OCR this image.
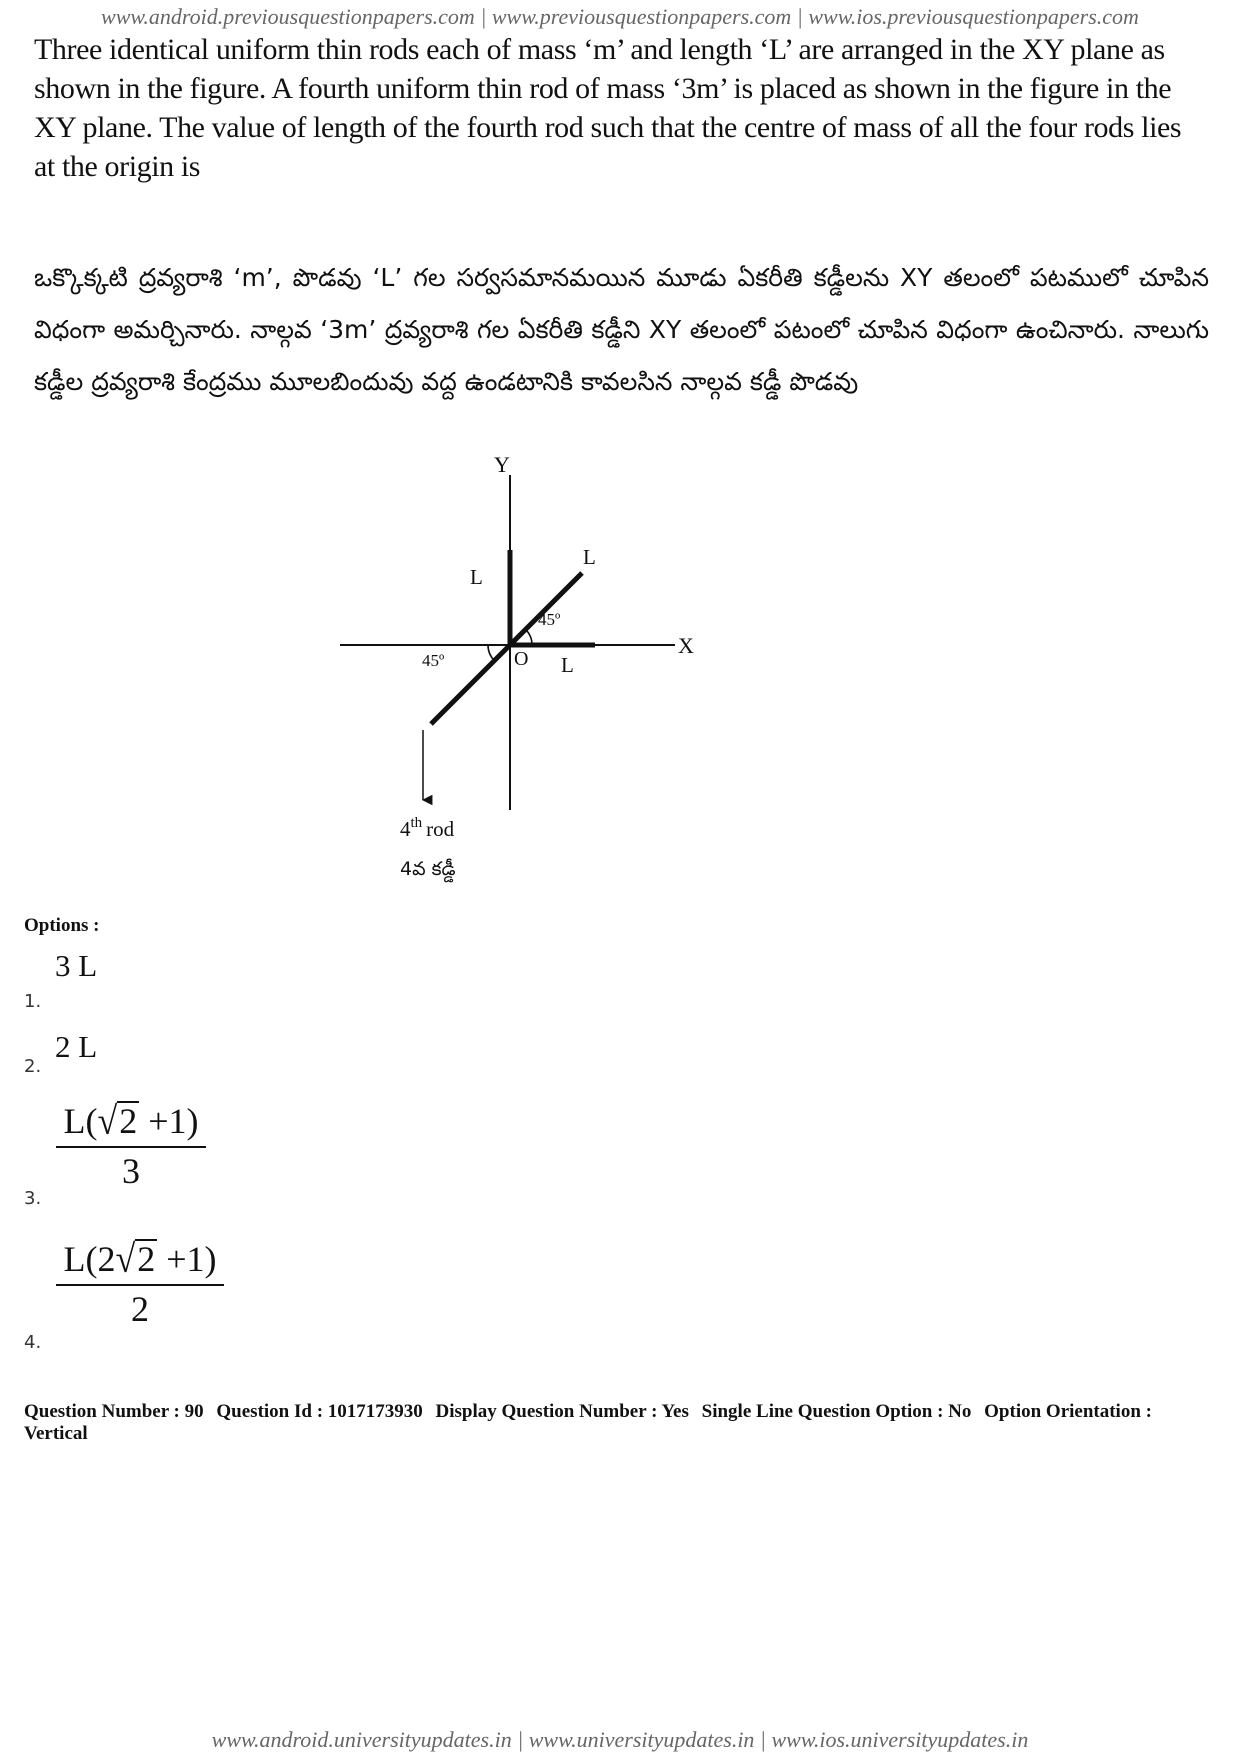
www.android.previousquestionpapers.com | www.previousquestionpapers.com | www.ios.previousquestionpapers.com
Three identical uniform thin rods each of mass ‘m’ and length ‘L’ are arranged in the XY plane as shown in the figure. A fourth uniform thin rod of mass ‘3m’ is placed as shown in the figure in the XY plane. The value of length of the fourth rod such that the centre of mass of all the four rods lies at the origin is
ఒక్కొక్కటి ద్రవ్యరాశి ‘m’, పొడవు ‘L’ గల సర్వసమానమయిన మూడు ఏకరీతి కడ్డీలను XY తలంలో పటములో చూపిన విధంగా అమర్చినారు. నాల్గవ ‘3m’ ద్రవ్యరాశి గల ఏకరీతి కడ్డీని XY తలంలో పటంలో చూపిన విధంగా ఉంచినారు. నాలుగు కడ్డీల ద్రవ్యరాశి కేంద్రము మూలబిందువు వద్ద ఉండటానికి కావలసిన నాల్గవ కడ్డీ పొడవు
Y
X
O
L
L
L
45º
45º
4th rod
4వ కడ్డీ
Options :
1.
3 L
2.
2 L
3.
$\frac{L(√2 +1)}{3}$
4.
$\frac{L(2√2 +1)}{2}$
Question Number : 90 Question Id : 1017173930 Display Question Number : Yes Single Line Question Option : No Option Orientation : Vertical
www.android.universityupdates.in | www.universityupdates.in | www.ios.universityupdates.in
